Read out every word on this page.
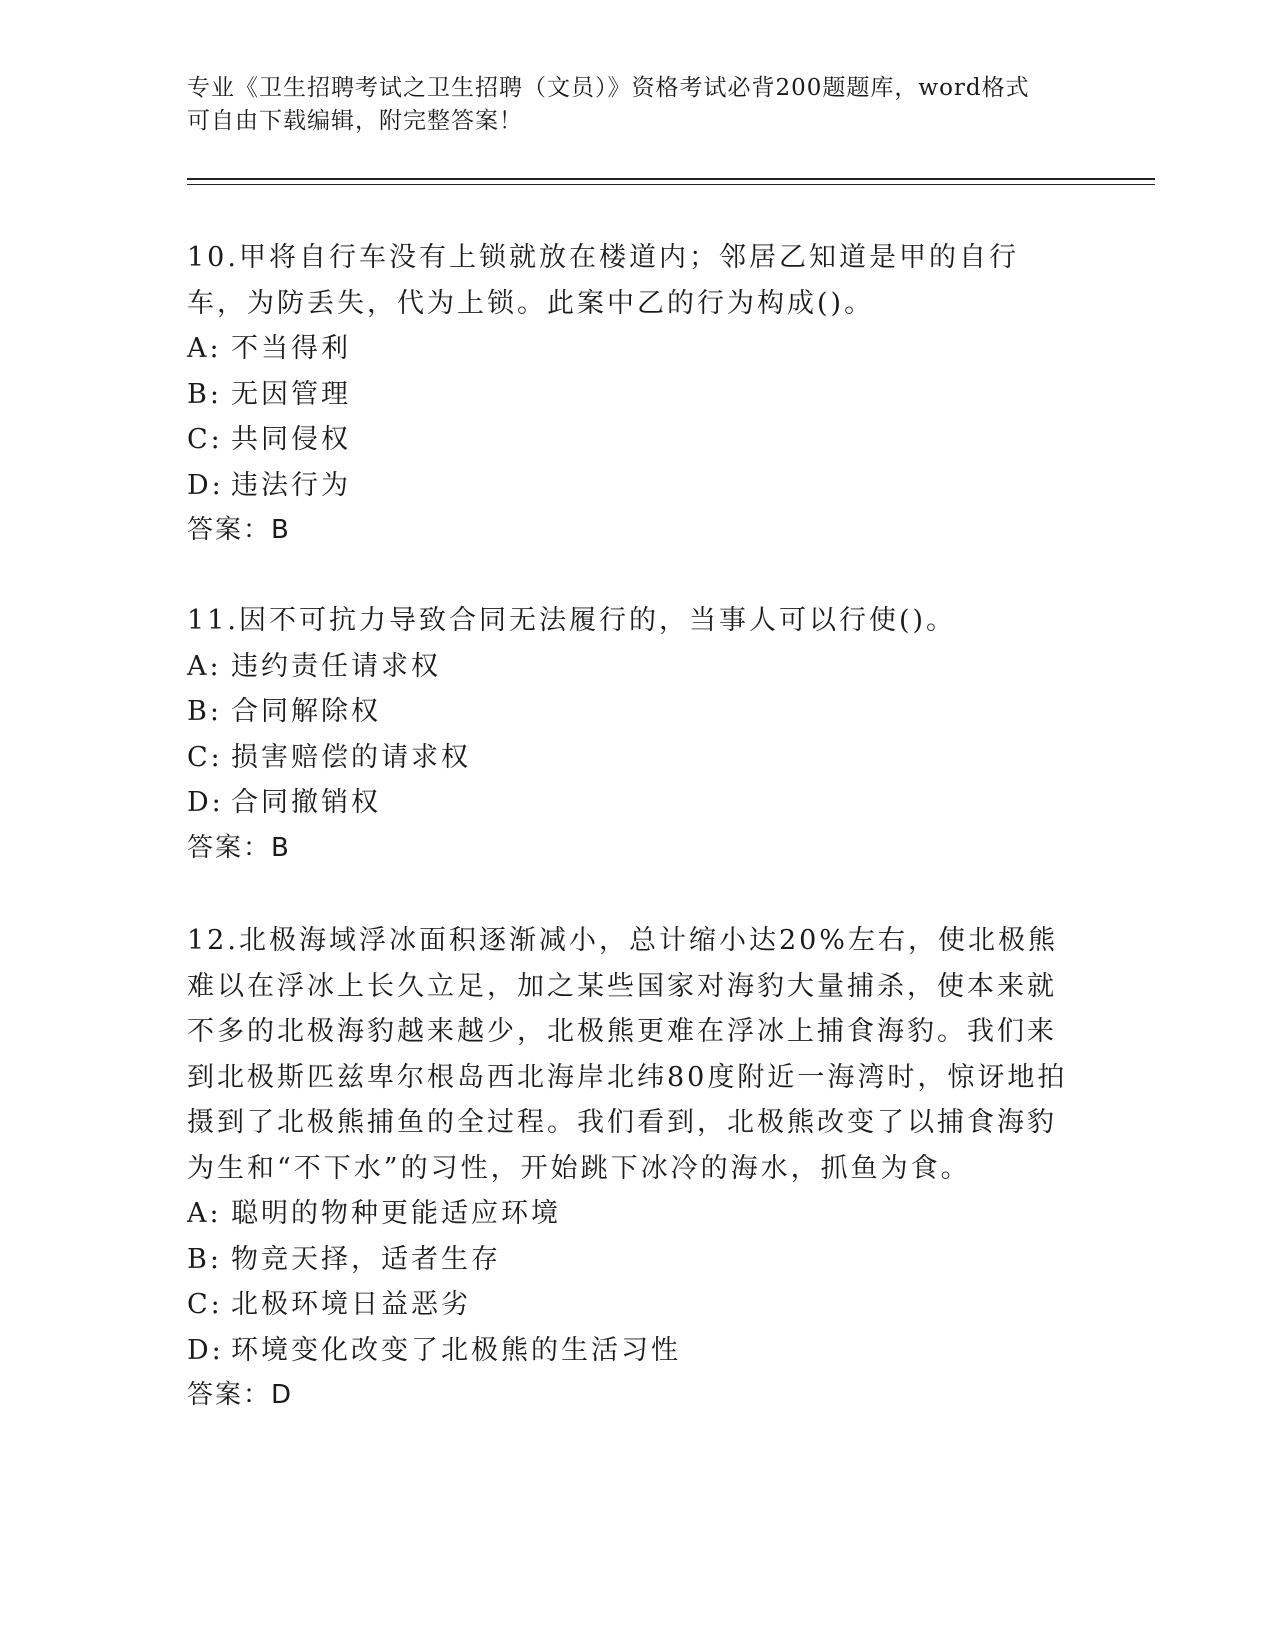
专业《卫生招聘考试之卫生招聘（文员）》资格考试必背200题题库，word格式
可自由下载编辑，附完整答案！

10.甲将自行车没有上锁就放在楼道内；邻居乙知道是甲的自行车，为防丢失，代为上锁。此案中乙的行为构成()。

A: 不当得利

B: 无因管理

C: 共同侵权

D: 违法行为

答案：B

11.因不可抗力导致合同无法履行的，当事人可以行使()。

A: 违约责任请求权

B: 合同解除权

C: 损害赔偿的请求权

D: 合同撤销权

答案：B

12.北极海域浮冰面积逐渐减小，总计缩小达20%左右，使北极熊难以在浮冰上长久立足，加之某些国家对海豹大量捕杀，使本来就不多的北极海豹越来越少，北极熊更难在浮冰上捕食海豹。我们来到北极斯匹兹卑尔根岛西北海岸北纬80度附近一海湾时，惊讶地拍摄到了北极熊捕鱼的全过程。我们看到，北极熊改变了以捕食海豹为生和“不下水”的习性，开始跳下冰冷的海水，抓鱼为食。

A: 聪明的物种更能适应环境

B: 物竞天择，适者生存

C: 北极环境日益恶劣

D: 环境变化改变了北极熊的生活习性

答案：D
